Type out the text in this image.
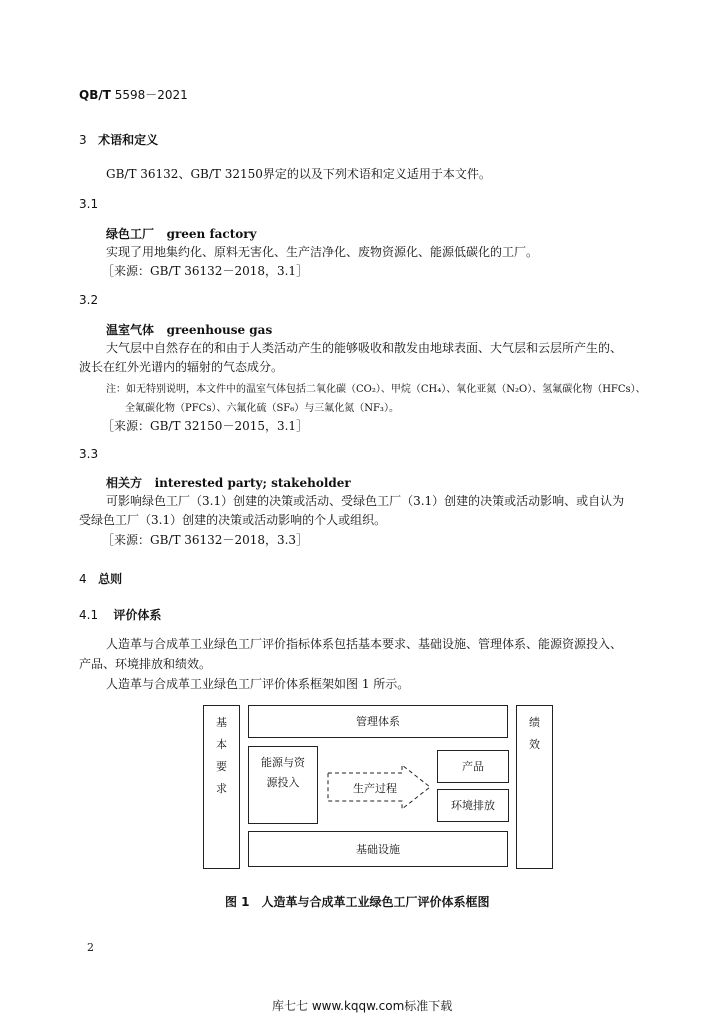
QB/T 5598－2021
3 术语和定义
GB/T 36132、GB/T 32150界定的以及下列术语和定义适用于本文件。
3.1
绿色工厂 green factory
实现了用地集约化、原料无害化、生产洁净化、废物资源化、能源低碳化的工厂。
［来源：GB/T 36132－2018，3.1］
3.2
温室气体 greenhouse gas
大气层中自然存在的和由于人类活动产生的能够吸收和散发由地球表面、大气层和云层所产生的、
波长在红外光谱内的辐射的气态成分。
注：如无特别说明，本文件中的温室气体包括二氧化碳（CO₂）、甲烷（CH₄）、氧化亚氮（N₂O）、氢氟碳化物（HFCs）、
全氟碳化物（PFCs）、六氟化硫（SF₆）与三氟化氮（NF₃）。
［来源：GB/T 32150－2015，3.1］
3.3
相关方 interested party; stakeholder
可影响绿色工厂（3.1）创建的决策或活动、受绿色工厂（3.1）创建的决策或活动影响、或自认为
受绿色工厂（3.1）创建的决策或活动影响的个人或组织。
［来源：GB/T 36132－2018，3.3］
4 总则
4.1 评价体系
人造革与合成革工业绿色工厂评价指标体系包括基本要求、基础设施、管理体系、能源资源投入、
产品、环境排放和绩效。
人造革与合成革工业绿色工厂评价体系框架如图 1 所示。
基
本
要
求
绩
效
管理体系
能源与资
源投入	生产过程
产品
环境排放
基础设施
图 1　人造革与合成革工业绿色工厂评价体系框图
2
库七七 www.kqqw.com标准下载
